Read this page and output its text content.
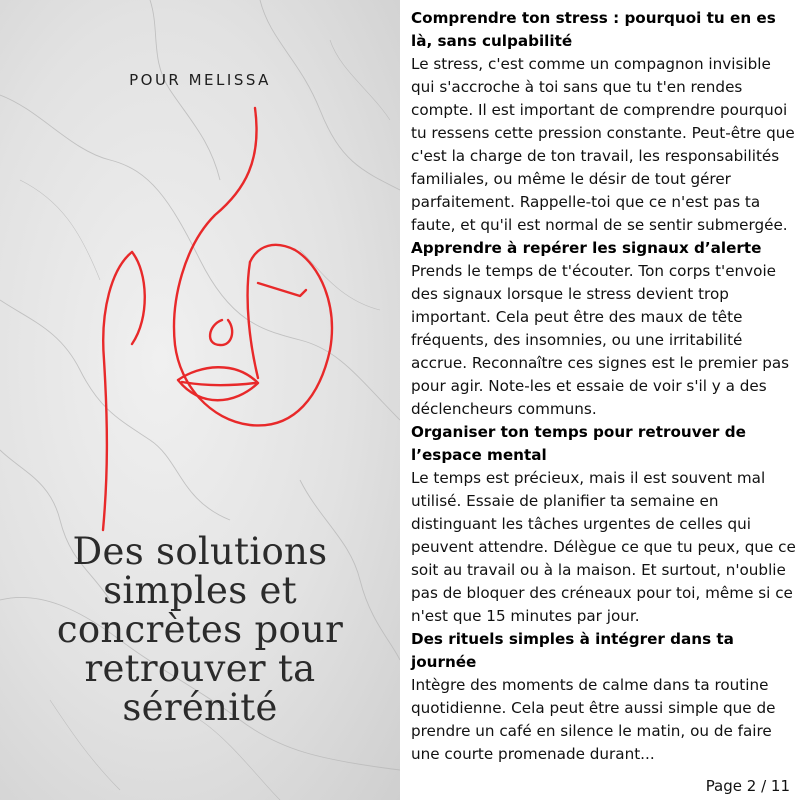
POUR MELISSA
Des solutions simples et concrètes pour retrouver ta sérénité
Comprendre ton stress : pourquoi tu en es là, sans culpabilité

Le stress, c'est comme un compagnon invisible qui s'accroche à toi sans que tu t'en rendes compte. Il est important de comprendre pourquoi tu ressens cette pression constante. Peut-être que c'est la charge de ton travail, les responsabilités familiales, ou même le désir de tout gérer parfaitement. Rappelle-toi que ce n'est pas ta faute, et qu'il est normal de se sentir submergée.

Apprendre à repérer les signaux d’alerte

Prends le temps de t'écouter. Ton corps t'envoie des signaux lorsque le stress devient trop important. Cela peut être des maux de tête fréquents, des insomnies, ou une irritabilité accrue. Reconnaître ces signes est le premier pas pour agir. Note-les et essaie de voir s'il y a des déclencheurs communs.

Organiser ton temps pour retrouver de l’espace mental

Le temps est précieux, mais il est souvent mal utilisé. Essaie de planifier ta semaine en distinguant les tâches urgentes de celles qui peuvent attendre. Délègue ce que tu peux, que ce soit au travail ou à la maison. Et surtout, n'oublie pas de bloquer des créneaux pour toi, même si ce n'est que 15 minutes par jour.

Des rituels simples à intégrer dans ta journée

Intègre des moments de calme dans ta routine quotidienne. Cela peut être aussi simple que de prendre un café en silence le matin, ou de faire une courte promenade durant...

Page 2 / 11
